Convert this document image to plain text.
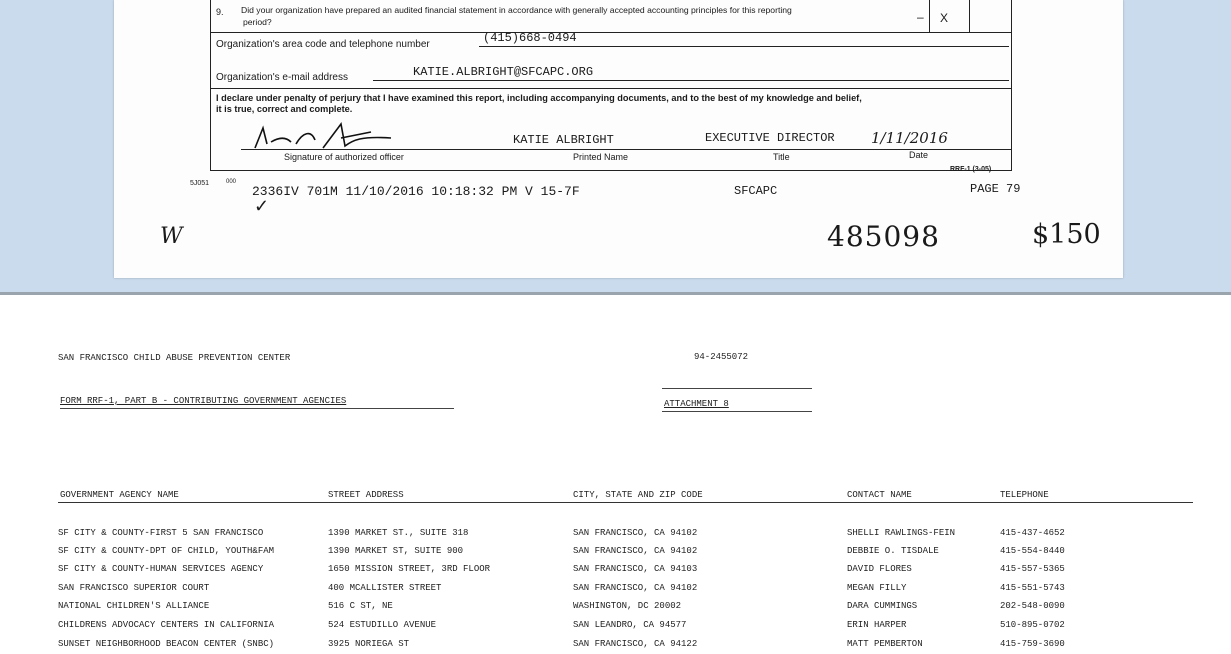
9. Did your organization have prepared an audited financial statement in accordance with generally accepted accounting principles for this reporting
period?	– X
Organization's area code and telephone number	(415)668-0494
Organization's e-mail address	KATIE.ALBRIGHT@SFCAPC.ORG
I declare under penalty of perjury that I have examined this report, including accompanying documents, and to the best of my knowledge and belief,
it is true, correct and complete.
KATIE ALBRIGHT	EXECUTIVE DIRECTOR 1/11/2016
Signature of authorized officer	Printed Name	Title	Date
RRF-1 (3-05)
5J051	000
2336IV 701M 11/10/2016 10:18:32 PM V 15-7F	SFCAPC	PAGE 79
✓
W	485098	$150
SAN FRANCISCO CHILD ABUSE PREVENTION CENTER	94-2455072
FORM RRF-1, PART B - CONTRIBUTING GOVERNMENT AGENCIES	ATTACHMENT 8
GOVERNMENT AGENCY NAME	STREET ADDRESS	CITY, STATE AND ZIP CODE	CONTACT NAME	TELEPHONE
SF CITY & COUNTY-FIRST 5 SAN FRANCISCO	1390 MARKET ST., SUITE 318	SAN FRANCISCO, CA 94102	SHELLI RAWLINGS-FEIN	415-437-4652
SF CITY & COUNTY-DPT OF CHILD, YOUTH&FAM	1390 MARKET ST, SUITE 900	SAN FRANCISCO, CA 94102	DEBBIE O. TISDALE	415-554-8440
SF CITY & COUNTY-HUMAN SERVICES AGENCY	1650 MISSION STREET, 3RD FLOOR	SAN FRANCISCO, CA 94103	DAVID FLORES	415-557-5365
SAN FRANCISCO SUPERIOR COURT	400 MCALLISTER STREET	SAN FRANCISCO, CA 94102	MEGAN FILLY	415-551-5743
NATIONAL CHILDREN'S ALLIANCE	516 C ST, NE	WASHINGTON, DC 20002	DARA CUMMINGS	202-548-0090
CHILDRENS ADVOCACY CENTERS IN CALIFORNIA	524 ESTUDILLO AVENUE	SAN LEANDRO, CA 94577	ERIN HARPER	510-895-0702
SUNSET NEIGHBORHOOD BEACON CENTER (SNBC)	3925 NORIEGA ST	SAN FRANCISCO, CA 94122	MATT PEMBERTON	415-759-3690
